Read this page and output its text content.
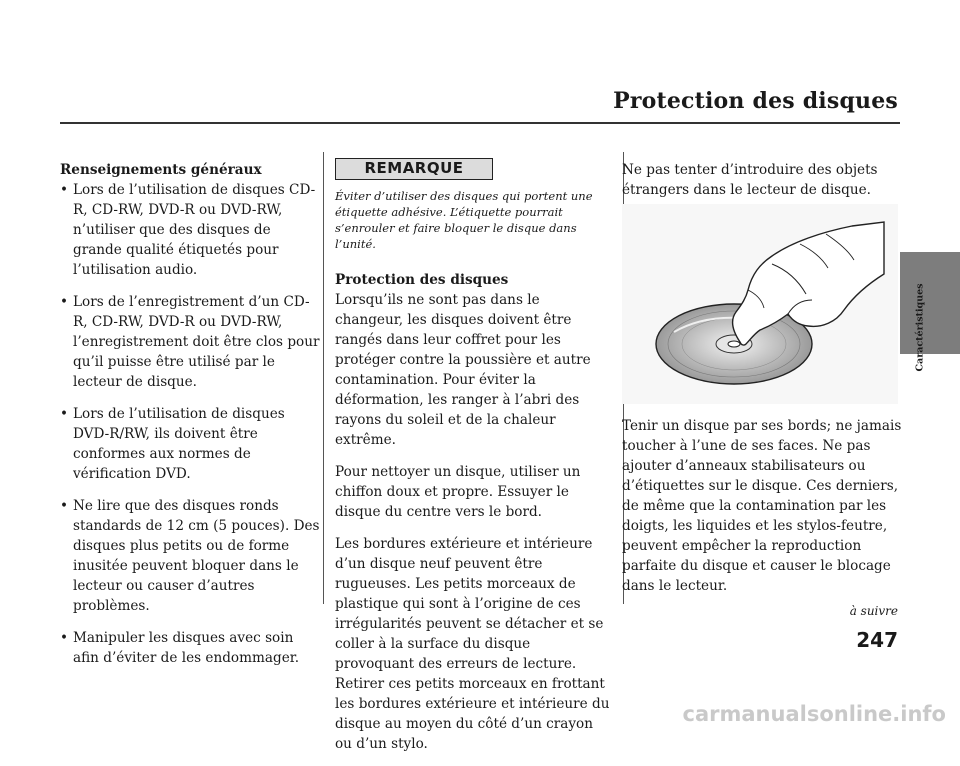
Protection des disques
Renseignements généraux
• Lors de l’utilisation de disques CD-R, CD-RW, DVD-R ou DVD-RW, n’utiliser que des disques de grande qualité étiquetés pour l’utilisation audio.
• Lors de l’enregistrement d’un CD-R, CD-RW, DVD-R ou DVD-RW, l’enregistrement doit être clos pour qu’il puisse être utilisé par le lecteur de disque.
• Lors de l’utilisation de disques DVD-R/RW, ils doivent être conformes aux normes de vérification DVD.
• Ne lire que des disques ronds standards de 12 cm (5 pouces). Des disques plus petits ou de forme inusitée peuvent bloquer dans le lecteur ou causer d’autres problèmes.
• Manipuler les disques avec soin afin d’éviter de les endommager.
REMARQUE
Éviter d’utiliser des disques qui portent une étiquette adhésive. L’étiquette pourrait s’enrouler et faire bloquer le disque dans l’unité.
Protection des disques

Lorsqu’ils ne sont pas dans le changeur, les disques doivent être rangés dans leur coffret pour les protéger contre la poussière et autre contamination. Pour éviter la déformation, les ranger à l’abri des rayons du soleil et de la chaleur extrême.

Pour nettoyer un disque, utiliser un chiffon doux et propre. Essuyer le disque du centre vers le bord.

Les bordures extérieure et intérieure d’un disque neuf peuvent être rugueuses. Les petits morceaux de plastique qui sont à l’origine de ces irrégularités peuvent se détacher et se coller à la surface du disque provoquant des erreurs de lecture. Retirer ces petits morceaux en frottant les bordures extérieure et intérieure du disque au moyen du côté d’un crayon ou d’un stylo.

Ne pas tenter d’introduire des objets étrangers dans le lecteur de disque.

Tenir un disque par ses bords; ne jamais toucher à l’une de ses faces. Ne pas ajouter d’anneaux stabilisateurs ou d’étiquettes sur le disque. Ces derniers, de même que la contamination par les doigts, les liquides et les stylos-feutre, peuvent empêcher la reproduction parfaite du disque et causer le blocage dans le lecteur.

Caractéristiques
à suivre
247
carmanualsonline.info
